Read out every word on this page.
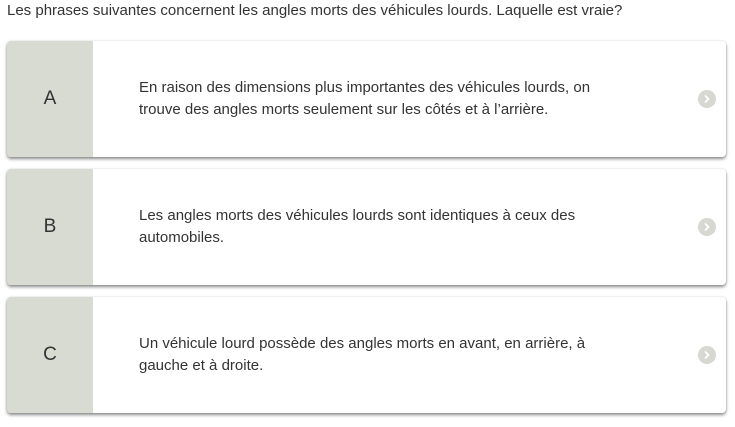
Les phrases suivantes concernent les angles morts des véhicules lourds. Laquelle est vraie?
A
En raison des dimensions plus importantes des véhicules lourds, on trouve des angles morts seulement sur les côtés et à l’arrière.
B
Les angles morts des véhicules lourds sont identiques à ceux des automobiles.
C
Un véhicule lourd possède des angles morts en avant, en arrière, à gauche et à droite.
